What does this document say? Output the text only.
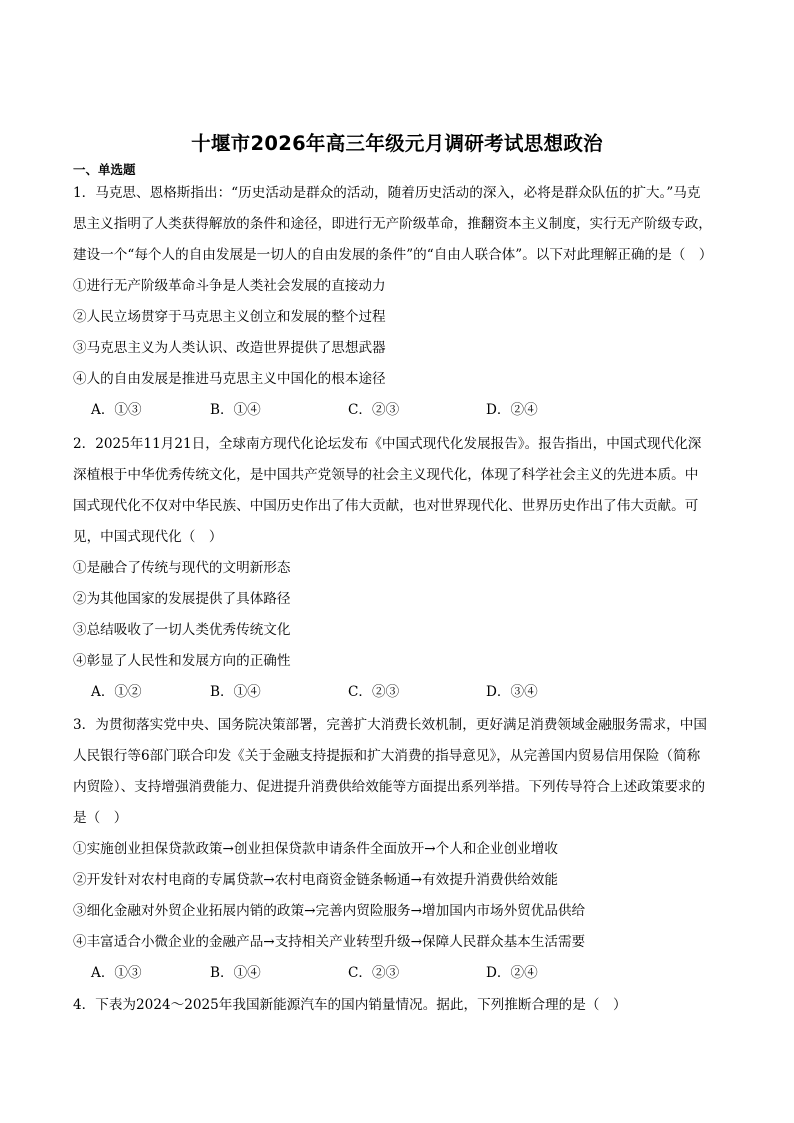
十堰市2026年高三年级元月调研考试思想政治
一、单选题
1．马克思、恩格斯指出：“历史活动是群众的活动，随着历史活动的深入，必将是群众队伍的扩大。”马克
思主义指明了人类获得解放的条件和途径，即进行无产阶级革命，推翻资本主义制度，实行无产阶级专政，
建设一个“每个人的自由发展是一切人的自由发展的条件”的“自由人联合体”。以下对此理解正确的是（　）
①进行无产阶级革命斗争是人类社会发展的直接动力
②人民立场贯穿于马克思主义创立和发展的整个过程
③马克思主义为人类认识、改造世界提供了思想武器
④人的自由发展是推进马克思主义中国化的根本途径
A．①③	B．①④	C．②③	D．②④
2．2025年11月21日，全球南方现代化论坛发布《中国式现代化发展报告》。报告指出，中国式现代化深
深植根于中华优秀传统文化，是中国共产党领导的社会主义现代化，体现了科学社会主义的先进本质。中
国式现代化不仅对中华民族、中国历史作出了伟大贡献，也对世界现代化、世界历史作出了伟大贡献。可
见，中国式现代化（　）
①是融合了传统与现代的文明新形态
②为其他国家的发展提供了具体路径
③总结吸收了一切人类优秀传统文化
④彰显了人民性和发展方向的正确性
A．①②	B．①④	C．②③	D．③④
3．为贯彻落实党中央、国务院决策部署，完善扩大消费长效机制，更好满足消费领域金融服务需求，中国
人民银行等6部门联合印发《关于金融支持提振和扩大消费的指导意见》，从完善国内贸易信用保险（简称
内贸险）、支持增强消费能力、促进提升消费供给效能等方面提出系列举措。下列传导符合上述政策要求的
是（　）
①实施创业担保贷款政策→创业担保贷款申请条件全面放开→个人和企业创业增收
②开发针对农村电商的专属贷款→农村电商资金链条畅通→有效提升消费供给效能
③细化金融对外贸企业拓展内销的政策→完善内贸险服务→增加国内市场外贸优品供给
④丰富适合小微企业的金融产品→支持相关产业转型升级→保障人民群众基本生活需要
A．①③	B．①④	C．②③	D．②④
4．下表为2024～2025年我国新能源汽车的国内销量情况。据此，下列推断合理的是（　）
